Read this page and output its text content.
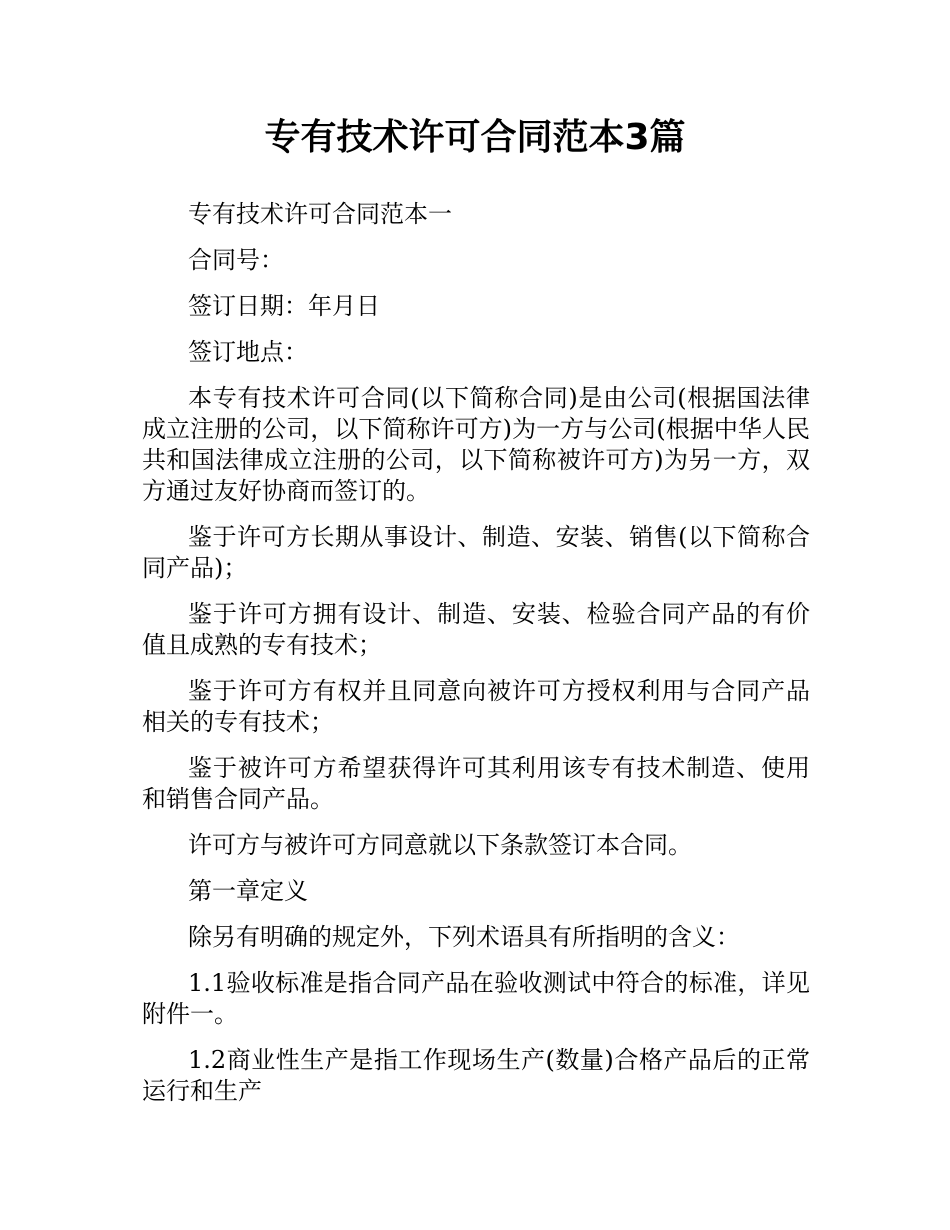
专有技术许可合同范本3篇

专有技术许可合同范本一

合同号：

签订日期：年月日

签订地点：

本专有技术许可合同(以下简称合同)是由公司(根据国法律成立注册的公司，以下简称许可方)为一方与公司(根据中华人民共和国法律成立注册的公司，以下简称被许可方)为另一方，双方通过友好协商而签订的。

鉴于许可方长期从事设计、制造、安装、销售(以下简称合同产品)；

鉴于许可方拥有设计、制造、安装、检验合同产品的有价值且成熟的专有技术；

鉴于许可方有权并且同意向被许可方授权利用与合同产品相关的专有技术；

鉴于被许可方希望获得许可其利用该专有技术制造、使用和销售合同产品。

许可方与被许可方同意就以下条款签订本合同。

第一章定义

除另有明确的规定外，下列术语具有所指明的含义：

1.1验收标准是指合同产品在验收测试中符合的标准，详见附件一。

1.2商业性生产是指工作现场生产(数量)合格产品后的正常运行和生产
